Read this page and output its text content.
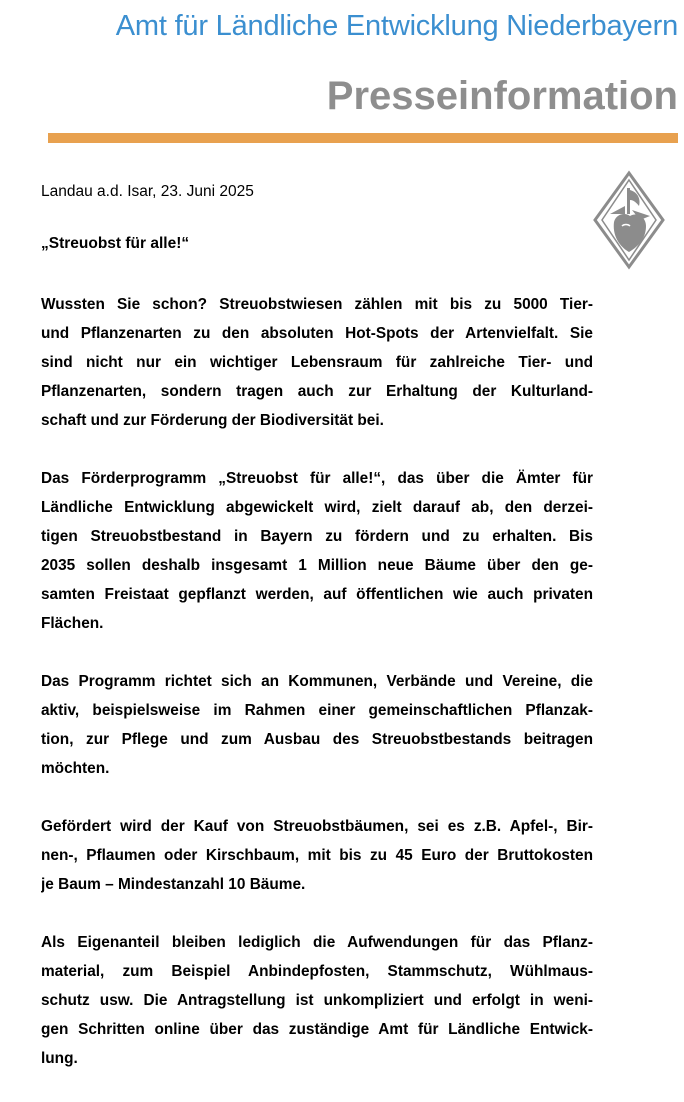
Amt für Ländliche Entwicklung Niederbayern
Presseinformation
Landau a.d. Isar, 23. Juni 2025
„Streuobst für alle!“

Wussten Sie schon? Streuobstwiesen zählen mit bis zu 5000 Tier-
und Pflanzenarten zu den absoluten Hot-Spots der Artenvielfalt. Sie
sind nicht nur ein wichtiger Lebensraum für zahlreiche Tier- und
Pflanzenarten, sondern tragen auch zur Erhaltung der Kulturland-
schaft und zur Förderung der Biodiversität bei.

Das Förderprogramm „Streuobst für alle!“, das über die Ämter für
Ländliche Entwicklung abgewickelt wird, zielt darauf ab, den derzei-
tigen Streuobstbestand in Bayern zu fördern und zu erhalten. Bis
2035 sollen deshalb insgesamt 1 Million neue Bäume über den ge-
samten Freistaat gepflanzt werden, auf öffentlichen wie auch privaten
Flächen.

Das Programm richtet sich an Kommunen, Verbände und Vereine, die
aktiv, beispielsweise im Rahmen einer gemeinschaftlichen Pflanzak-
tion, zur Pflege und zum Ausbau des Streuobstbestands beitragen
möchten.

Gefördert wird der Kauf von Streuobstbäumen, sei es z.B. Apfel-, Bir-
nen-, Pflaumen oder Kirschbaum, mit bis zu 45 Euro der Bruttokosten
je Baum – Mindestanzahl 10 Bäume.

Als Eigenanteil bleiben lediglich die Aufwendungen für das Pflanz-
material, zum Beispiel Anbindepfosten, Stammschutz, Wühlmaus-
schutz usw. Die Antragstellung ist unkompliziert und erfolgt in weni-
gen Schritten online über das zuständige Amt für Ländliche Entwick-
lung.
